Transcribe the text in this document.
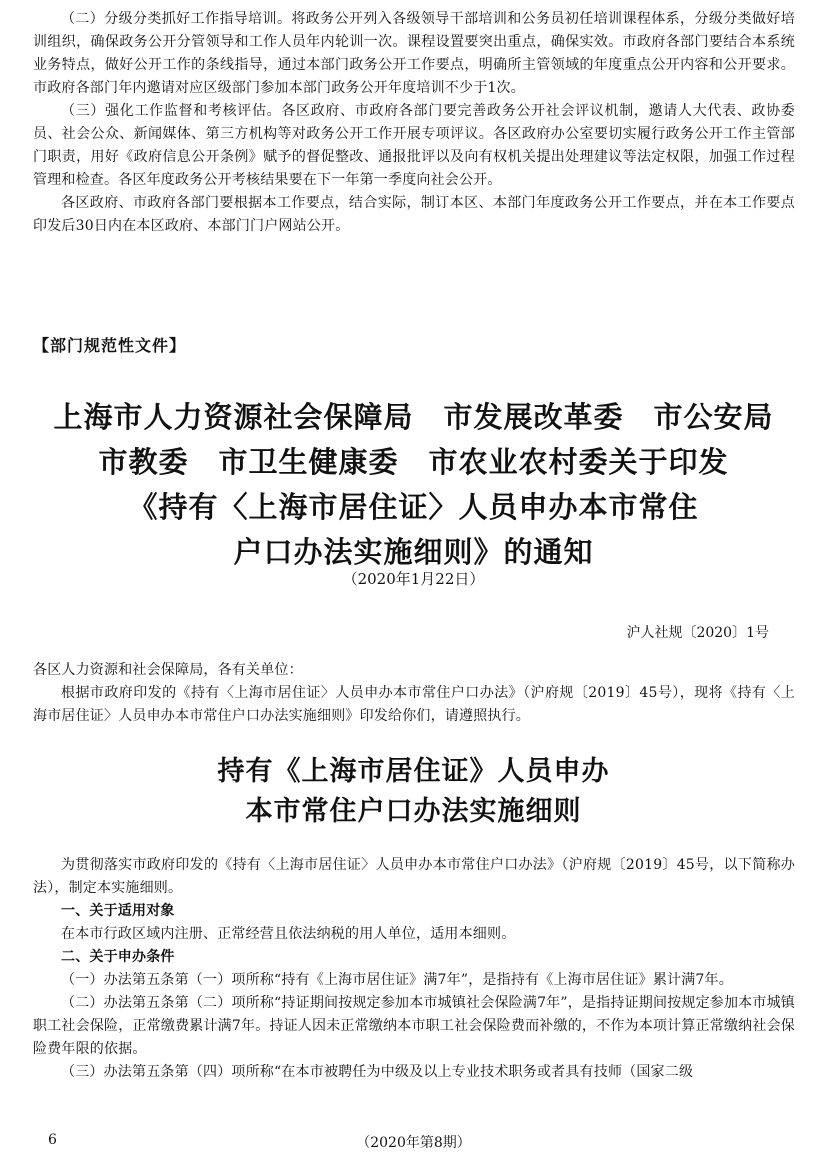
（二）分级分类抓好工作指导培训。将政务公开列入各级领导干部培训和公务员初任培训课程体系，分级分类做好培训组织，确保政务公开分管领导和工作人员年内轮训一次。课程设置要突出重点，确保实效。市政府各部门要结合本系统业务特点，做好公开工作的条线指导，通过本部门政务公开工作要点，明确所主管领域的年度重点公开内容和公开要求。市政府各部门年内邀请对应区级部门参加本部门政务公开年度培训不少于1次。

（三）强化工作监督和考核评估。各区政府、市政府各部门要完善政务公开社会评议机制，邀请人大代表、政协委员、社会公众、新闻媒体、第三方机构等对政务公开工作开展专项评议。各区政府办公室要切实履行政务公开工作主管部门职责，用好《政府信息公开条例》赋予的督促整改、通报批评以及向有权机关提出处理建议等法定权限，加强工作过程管理和检查。各区年度政务公开考核结果要在下一年第一季度向社会公开。

各区政府、市政府各部门要根据本工作要点，结合实际，制订本区、本部门年度政务公开工作要点，并在本工作要点印发后30日内在本区政府、本部门门户网站公开。

【部门规范性文件】
上海市人力资源社会保障局　市发展改革委　市公安局
市教委　市卫生健康委　市农业农村委关于印发
《持有〈上海市居住证〉人员申办本市常住
户口办法实施细则》的通知
（2020年1月22日）
沪人社规〔2020〕1号

各区人力资源和社会保障局，各有关单位：

根据市政府印发的《持有〈上海市居住证〉人员申办本市常住户口办法》（沪府规〔2019〕45号），现将《持有〈上海市居住证〉人员申办本市常住户口办法实施细则》印发给你们，请遵照执行。

持有《上海市居住证》人员申办
本市常住户口办法实施细则

为贯彻落实市政府印发的《持有〈上海市居住证〉人员申办本市常住户口办法》（沪府规〔2019〕45号，以下简称办法），制定本实施细则。

一、关于适用对象

在本市行政区域内注册、正常经营且依法纳税的用人单位，适用本细则。

二、关于申办条件

（一）办法第五条第（一）项所称“持有《上海市居住证》满7年”，是指持有《上海市居住证》累计满7年。

（二）办法第五条第（二）项所称“持证期间按规定参加本市城镇社会保险满7年”，是指持证期间按规定参加本市城镇职工社会保险，正常缴费累计满7年。持证人因未正常缴纳本市职工社会保险费而补缴的，不作为本项计算正常缴纳社会保险费年限的依据。

（三）办法第五条第（四）项所称“在本市被聘任为中级及以上专业技术职务或者具有技师（国家二级

6	（2020年第8期）
